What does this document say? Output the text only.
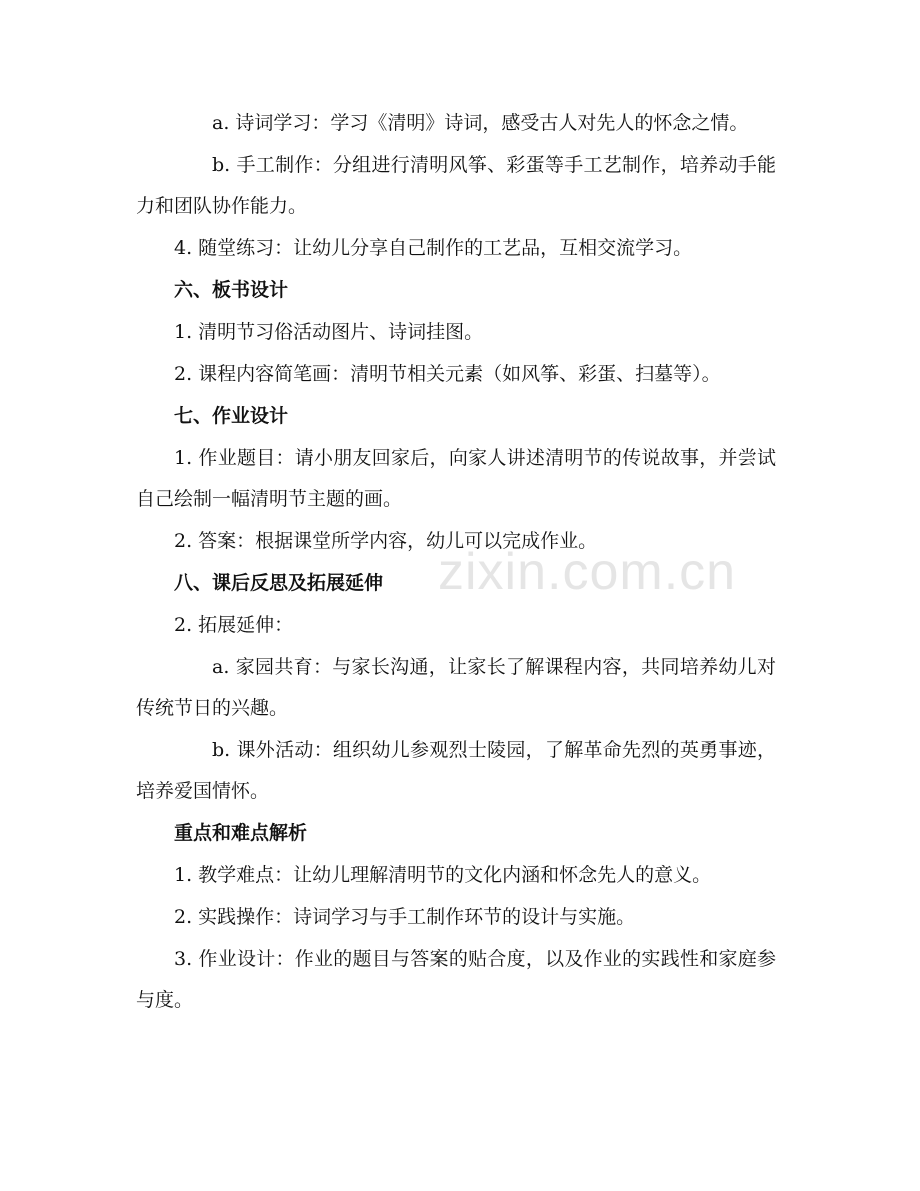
a. 诗词学习：学习《清明》诗词，感受古人对先人的怀念之情。

b. 手工制作：分组进行清明风筝、彩蛋等手工艺制作，培养动手能力和团队协作能力。

4. 随堂练习：让幼儿分享自己制作的工艺品，互相交流学习。

六、板书设计

1. 清明节习俗活动图片、诗词挂图。

2. 课程内容简笔画：清明节相关元素（如风筝、彩蛋、扫墓等）。

七、作业设计

1. 作业题目：请小朋友回家后，向家人讲述清明节的传说故事，并尝试自己绘制一幅清明节主题的画。

2. 答案：根据课堂所学内容，幼儿可以完成作业。

八、课后反思及拓展延伸

2. 拓展延伸：

a. 家园共育：与家长沟通，让家长了解课程内容，共同培养幼儿对传统节日的兴趣。

b. 课外活动：组织幼儿参观烈士陵园，了解革命先烈的英勇事迹，培养爱国情怀。

重点和难点解析

1. 教学难点：让幼儿理解清明节的文化内涵和怀念先人的意义。

2. 实践操作：诗词学习与手工制作环节的设计与实施。

3. 作业设计：作业的题目与答案的贴合度，以及作业的实践性和家庭参与度。

zixin.com.cn
